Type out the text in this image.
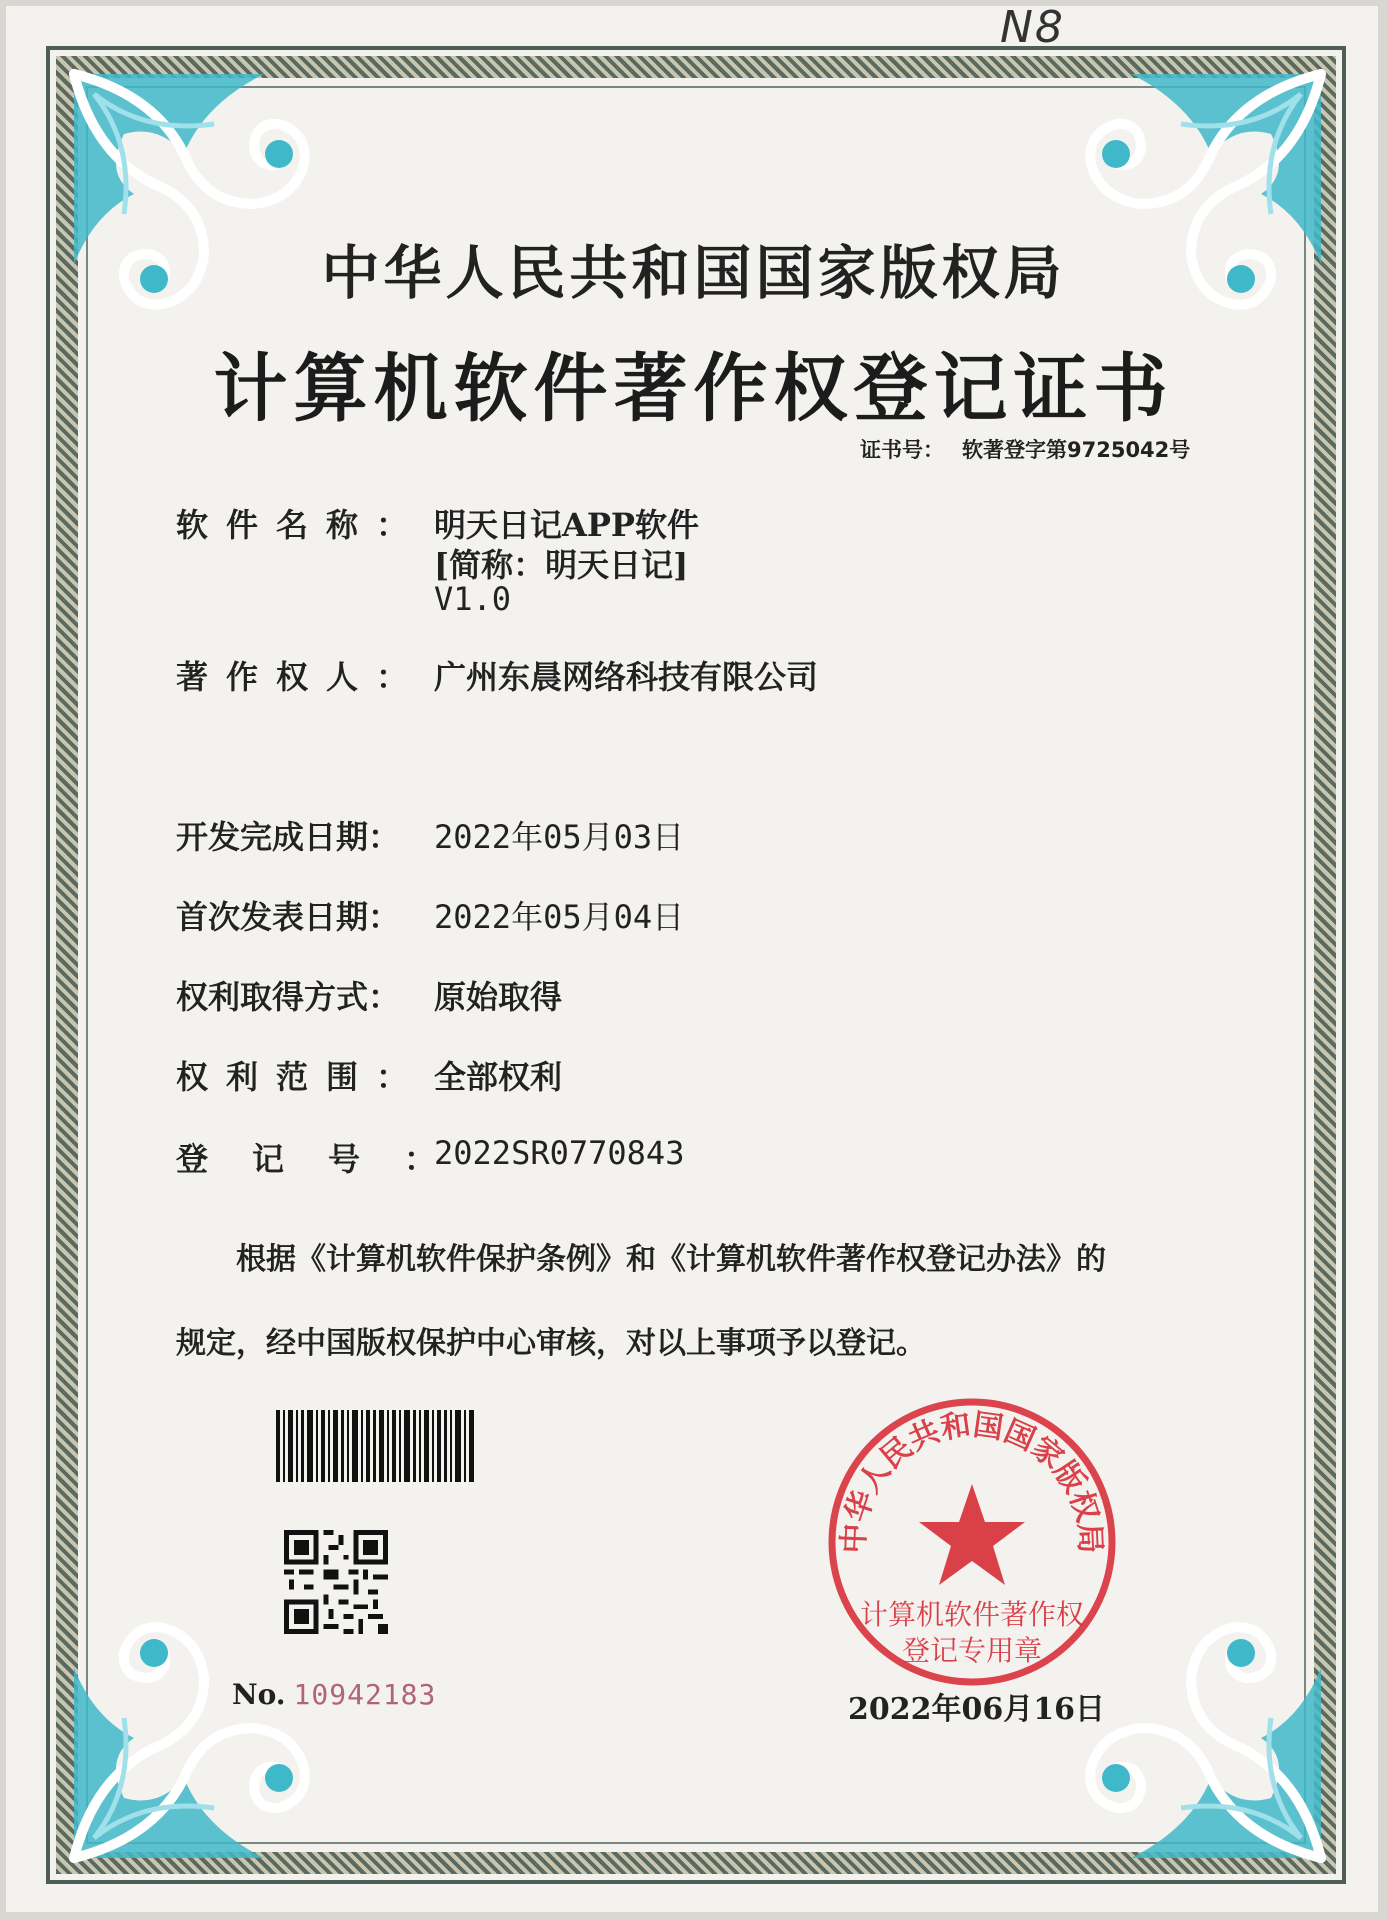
N8
中华人民共和国国家版权局
计算机软件著作权登记证书
证书号： 软著登字第9725042号
软件名称： 明天日记APP软件
[简称：明天日记]
V1.0
著作权人： 广州东晨网络科技有限公司
开发完成日期： 2022年05月03日
首次发表日期： 2022年05月04日
权利取得方式： 原始取得
权利范围： 全部权利
登记号：
2022SR0770843
根据《计算机软件保护条例》和《计算机软件著作权登记办法》的
规定，经中国版权保护中心审核，对以上事项予以登记。
No. 10942183
中华人民共和国国家版权局
计算机软件著作权
登记专用章
2022年06月16日
